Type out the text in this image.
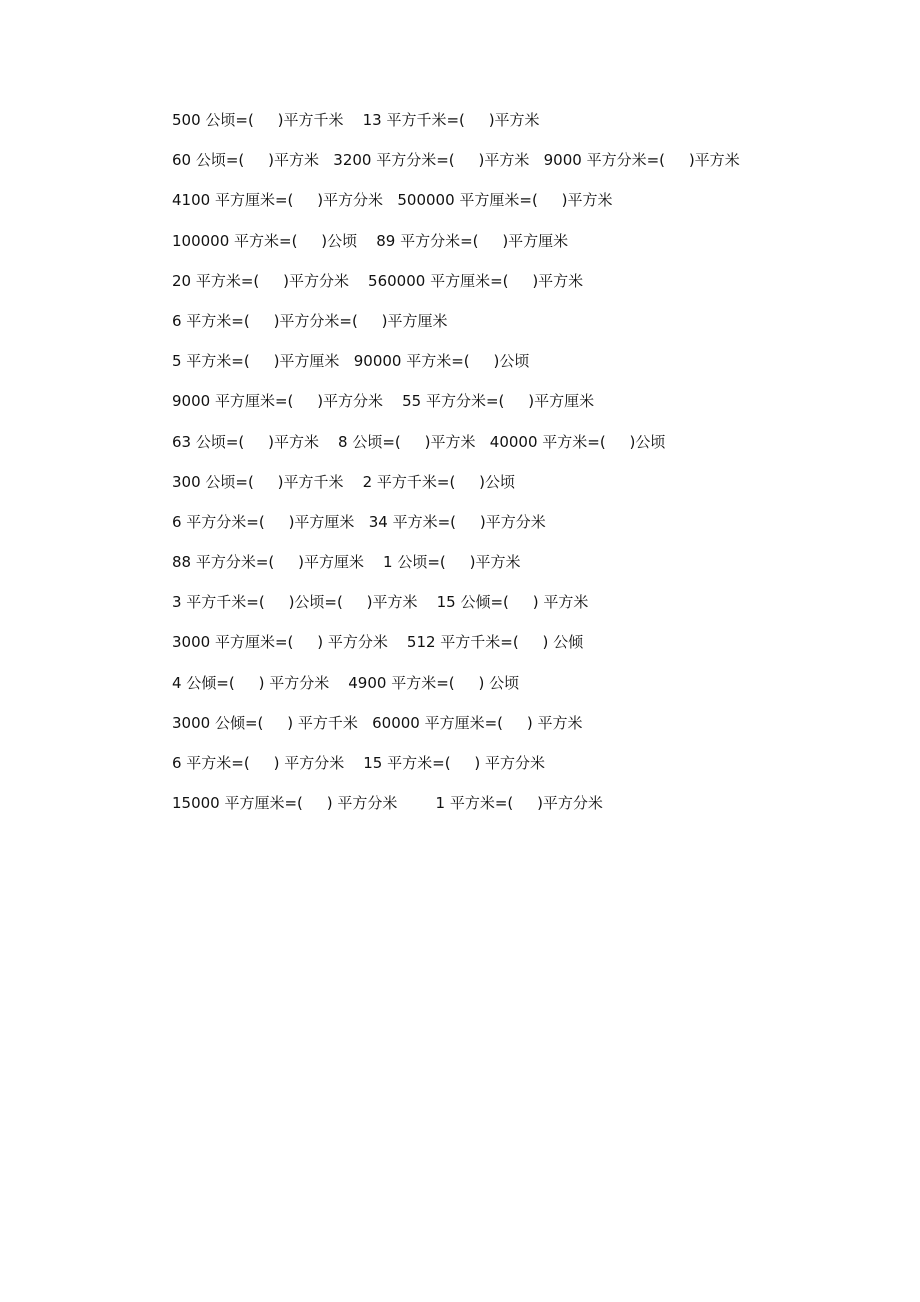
500 公顷=(     )平方千米    13 平方千米=(     )平方米
60 公顷=(     )平方米   3200 平方分米=(     )平方米   9000 平方分米=(     )平方米
4100 平方厘米=(     )平方分米   500000 平方厘米=(     )平方米
100000 平方米=(     )公顷    89 平方分米=(     )平方厘米
20 平方米=(     )平方分米    560000 平方厘米=(     )平方米
6 平方米=(     )平方分米=(     )平方厘米
5 平方米=(     )平方厘米   90000 平方米=(     )公顷
9000 平方厘米=(     )平方分米    55 平方分米=(     )平方厘米
63 公顷=(     )平方米    8 公顷=(     )平方米   40000 平方米=(     )公顷
300 公顷=(     )平方千米    2 平方千米=(     )公顷
6 平方分米=(     )平方厘米   34 平方米=(     )平方分米
88 平方分米=(     )平方厘米    1 公顷=(     )平方米
3 平方千米=(     )公顷=(     )平方米    15 公倾=(     ) 平方米
3000 平方厘米=(     ) 平方分米    512 平方千米=(     ) 公倾
4 公倾=(     ) 平方分米    4900 平方米=(     ) 公顷
3000 公倾=(     ) 平方千米   60000 平方厘米=(     ) 平方米
6 平方米=(     ) 平方分米    15 平方米=(     ) 平方分米
15000 平方厘米=(     ) 平方分米        1 平方米=(     )平方分米
